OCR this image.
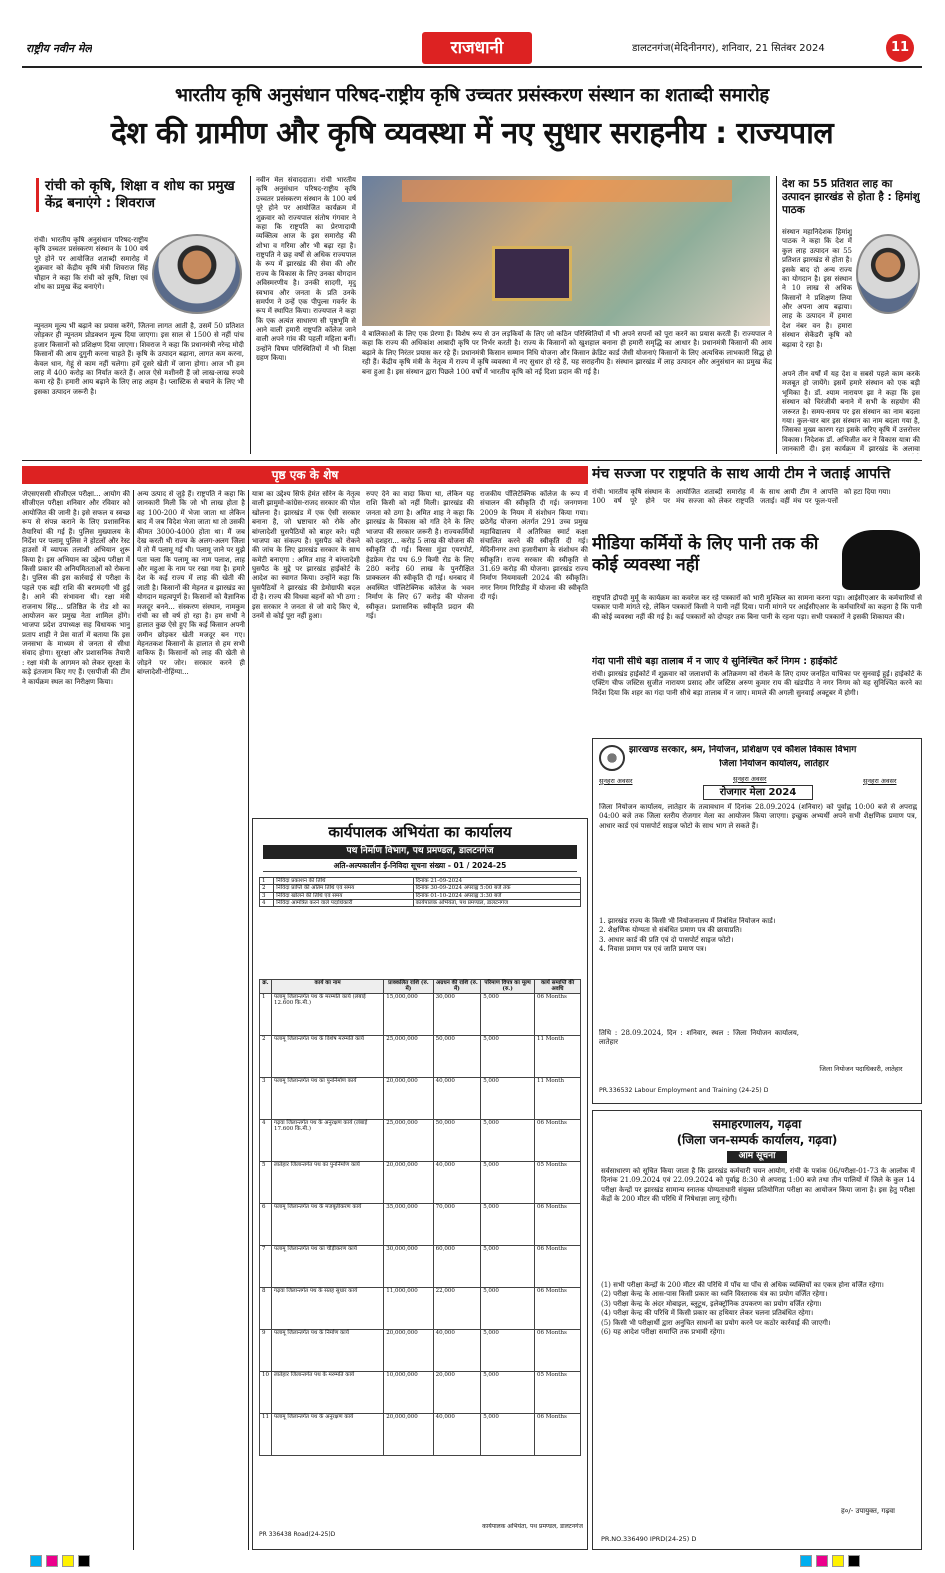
राष्ट्रीय नवीन मेल	राजधानी	डालटनगंज(मेदिनीनगर), शनिवार, 21 सितंबर 2024	11
भारतीय कृषि अनुसंधान परिषद-राष्ट्रीय कृषि उच्चतर प्रसंस्करण संस्थान का शताब्दी समारोह
देश की ग्रामीण और कृषि व्यवस्था में नए सुधार सराहनीय : राज्यपाल
रांची को कृषि, शिक्षा व शोध का प्रमुख केंद्र बनाएंगे : शिवराज
रांची। भारतीय कृषि अनुसंधान परिषद-राष्ट्रीय कृषि उच्चतर प्रसंस्करण संस्थान के 100 वर्ष पूरे होने पर आयोजित शताब्दी समारोह में शुक्रवार को केंद्रीय कृषि मंत्री शिवराज सिंह चौहान ने कहा कि रांची को कृषि, शिक्षा एवं शोध का प्रमुख केंद्र बनाएंगे।
न्यूनतम मूल्य भी बढ़ाने का प्रयास करेंगे, जितना लागत आती है, उसमें 50 प्रतिशत जोड़कर ही न्यूनतम प्रोडक्शन मूल्य दिया जाएगा। इस साल से 1500 से नहीं पांच हजार किसानों को प्रशिक्षण दिया जाएगा। शिवराज ने कहा कि प्रधानमंत्री नरेन्द्र मोदी किसानों की आय दुगुनी करना चाहते हैं। कृषि के उत्पादन बढ़ाना, लागत कम करना, केवल धान, गेहूं से काम नहीं चलेगा। हमें दूसरे खेती में जाना होगा। आज भी हम लाह में 400 करोड़ का निर्यात करते हैं। आज ऐसे मशीनरी हैं जो लाख-लाख रुपये कमा रहे हैं। हमारी आय बढ़ाने के लिए लाह अहम है। प्लास्टिक से बचाने के लिए भी इसका उत्पादन जरूरी है।
नवीन मेल संवाददाता। रांची भारतीय कृषि अनुसंधान परिषद-राष्ट्रीय कृषि उच्चतर प्रसंस्करण संस्थान के 100 वर्ष पूरे होने पर आयोजित कार्यक्रम में शुक्रवार को राज्यपाल संतोष गंगवार ने कहा कि राष्ट्रपति का प्रेरणादायी व्यक्तित्व आज के इस समारोह की शोभा व गरिमा और भी बढ़ा रहा है। राष्ट्रपति ने छह वर्षों से अधिक राज्यपाल के रूप में झारखंड की सेवा की और राज्य के विकास के लिए उनका योगदान अविस्मरणीय है। उनकी सादगी, मृदु स्वभाव और जनता के प्रति उनके समर्पण ने उन्हें एक पीपुल्स गवर्नर के रूप में स्थापित किया। राज्यपाल ने कहा कि एक अत्यंत साधारण सी पृष्ठभूमि से आने वाली हमारी राष्ट्रपति कॉलेज जाने वाली अपने गांव की पहली महिला बनीं। उन्होंने विषम परिस्थितियों में भी शिक्षा ग्रहण किया।
वे बालिकाओं के लिए एक प्रेरणा हैं। विशेष रूप से उन लड़कियों के लिए जो कठिन परिस्थितियों में भी अपने सपनों को पूरा करने का प्रयास करती हैं। राज्यपाल ने कहा कि राज्य की अधिकांश आबादी कृषि पर निर्भर करती है। राज्य के किसानों को खुशहाल बनाना ही हमारी समृद्धि का आधार है। प्रधानमंत्री किसानों की आय बढ़ाने के लिए निरंतर प्रयास कर रहे हैं। प्रधानमंत्री किसान सम्मान निधि योजना और किसान क्रेडिट कार्ड जैसी योजनाएं किसानों के लिए अत्यधिक लाभकारी सिद्ध हो रही हैं। केंद्रीय कृषि मंत्री के नेतृत्व में राज्य में कृषि व्यवस्था में नए सुधार हो रहे हैं, यह सराहनीय है। संस्थान झारखंड में लाह उत्पादन और अनुसंधान का प्रमुख केंद्र बना हुआ है। इस संस्थान द्वारा पिछले 100 वर्षों में भारतीय कृषि को नई दिशा प्रदान की गई है।
देश का 55 प्रतिशत लाह का उत्पादन झारखंड से होता है : हिमांशु पाठक
संस्थान महानिदेशक हिमांशु पाठक ने कहा कि देश में कुल लाह उत्पादन का 55 प्रतिशत झारखंड से होता है। इसके बाद दो अन्य राज्य का योगदान है। इस संस्थान ने 10 लाख से अधिक किसानों ने प्रशिक्षण लिया और अपना आय बढ़ाया। लाह के उत्पादन में हमारा देश नंबर वन है। हमारा संस्थान सेकेंडरी कृषि को बढ़ावा दे रहा है।
अपने तीन वर्षों में यह देश व सबसे पहले काम करके मजबूत हो जायेंगे। इसमें हमारे संस्थान को एक बड़ी भूमिका है। डॉ. श्याम नारायण झा ने कहा कि इस संस्थान को चिरंजीवी बनाने में सभी के सहयोग की जरूरत है। समय-समय पर इस संस्थान का नाम बदला गया। कुल-चार बार इस संस्थान का नाम बदला गया है, जिसका मुख्य कारण रहा इसके जरिए कृषि में उत्तरोत्तर विकास। निदेशक डॉ. अभिजीत कर ने विकास यात्रा की जानकारी दी। इस कार्यक्रम में झारखंड के अलावा
पृष्ठ एक के शेष
जेएसएससी सीजीएल परीक्षा... आयोग की सीजीएल परीक्षा शनिवार और रविवार को आयोजित की जानी है। इसे सफल व स्वच्छ रूप से संपन्न कराने के लिए प्रशासनिक तैयारियां की गई हैं। पुलिस मुख्यालय के निर्देश पर पलामू पुलिस ने होटलों और रेस्ट हाउसों में व्यापक तलाशी अभियान शुरू किया है। इस अभियान का उद्देश्य परीक्षा में किसी प्रकार की अनियमितताओं को रोकना है। पुलिस की इस कार्रवाई से परीक्षा के पहले एक बड़ी राशि की बरामदगी भी हुई है। आने की संभावना थी। रक्षा मंत्री राजनाथ सिंह... प्रतिष्ठित के रोड शो का आयोजन कर प्रमुख नेता शामिल होंगे। भाजपा प्रदेश उपाध्यक्ष सह विधायक भानु प्रताप शाही ने प्रेस वार्ता में बताया कि इस जनसभा के माध्यम से जनता से सीधा संवाद होगा। सुरक्षा और प्रशासनिक तैयारी : रक्षा मंत्री के आगमन को लेकर सुरक्षा के कड़े इंतजाम किए गए हैं। एसपीजी की टीम ने कार्यक्रम स्थल का निरीक्षण किया।
अन्य उत्पाद से जुड़े हैं। राष्ट्रपति ने कहा कि जानकारी मिली कि जो भी लाख होता है वह 100-200 में भेजा जाता था लेकिन बाद में जब विदेश भेजा जाता था तो उसकी कीमत 3000-4000 होता था। मैं जब देख करती थी राज्य के अलग-अलग जिला में तो मैं पलामू गई थी। पलामू जाने पर मुझे पता चला कि पलामू का नाम पलाश, लाह और महुआ के नाम पर रखा गया है। हमारे देश के कई राज्य में लाह की खेती की जाती है। किसानों की मेहनत व झारखंड का योगदान महत्वपूर्ण है। किसानों को वैज्ञानिक मजदूर बनने... संस्करण संस्थान, नामकुम रांची का सौ वर्ष हो रहा है। हम सभी ने हालात कुछ ऐसे हुए कि कई किसान अपनी जमीन छोड़कर खेती मजदूर बन गए। मेहनतकश किसानों के हालात से हम सभी वाकिफ हैं। किसानों को लाह की खेती से जोड़ने पर जोर। सरकार करने ही बांग्लादेशी-रोहिंग्या...
यात्रा का उद्देश्य सिर्फ हेमंत सोरेन के नेतृत्व वाली झामुमो-कांग्रेस-राजद सरकार की पोल खोलना है। झारखंड में एक ऐसी सरकार बनाना है, जो भ्रष्टाचार को रोके और बांग्लादेशी घुसपैठियों को बाहर करे। यही भाजपा का संकल्प है। घुसपैठ को रोकने की जांच के लिए झारखंड सरकार के साथ कमेटी बनाएगा : अमित शाह ने बांग्लादेशी घुसपैठ के मुद्दे पर झारखंड हाईकोर्ट के आदेश का स्वागत किया। उन्होंने कहा कि घुसपैठियों ने झारखंड की डेमोग्राफी बदल दी है। राज्य की विधवा बहनों को भी ठगा : इस सरकार ने जनता से जो वादे किए थे, उनमें से कोई पूरा नहीं हुआ।
रुपए देने का वादा किया था, लेकिन यह राशि किसी को नहीं मिली। झारखंड की जनता को ठगा है। अमित शाह ने कहा कि झारखंड के विकास को गति देने के लिए भाजपा की सरकार जरूरी है। राज्यकर्मियों को दशहरा... करोड़ 5 लाख की योजना की स्वीकृति दी गई। बिरसा मुंडा एयरपोर्ट, हेडफ्रेम रोड पथ 6.9 किमी रोड के लिए 280 करोड़ 60 लाख के पुनरीक्षित प्राक्कलन की स्वीकृति दी गई। धनबाद में अवस्थित पॉलिटेक्निक कॉलेज के भवन निर्माण के लिए 67 करोड़ की योजना स्वीकृत। प्रशासनिक स्वीकृति प्रदान की गई।
राजकीय पॉलिटेक्निक कॉलेज के रूप में संचालन की स्वीकृति दी गई। जनगणना 2009 के नियम में संशोधन किया गया। छठेगेंद्र योजना अंतर्गत 291 उच्च प्रमुख महाविद्यालय में अतिरिक्त स्मार्ट कक्षा संचालित करने की स्वीकृति दी गई। मेदिनीनगर तथा हजारीबाग के संशोधन की स्वीकृति। राज्य सरकार की स्वीकृति से 31.69 करोड़ की योजना। झारखंड राज्य निर्माण नियमावली 2024 की स्वीकृति। नगर निगम गिरिडीह में योजना की स्वीकृति दी गई।
कार्यपालक अभियंता का कार्यालय
पथ निर्माण विभाग, पथ प्रमण्डल, डालटनगंज
अति-अल्पकालीन ई-निविदा सूचना संख्या - 01 / 2024-25
1	निविदा प्रकाशन की तिथि	दिनांक 21-09-2024
2	निविदा प्राप्ति की अंतिम तिथि एवं समय	दिनांक 30-09-2024 अपराह्न 5:00 बजे तक
3	निविदा खोलने की तिथि एवं समय	दिनांक 01-10-2024 अपराह्न 3:30 बजे
4	निविदा आमंत्रित करने वाले पदाधिकारी	कार्यपालक अभियंता, पथ प्रमण्डल, डालटनगंज
क्र.	कार्य का नाम	प्राक्कलित राशि (रु. में)	अग्रधन की राशि (रु. में)	परिमाण विपत्र का मूल्य (रु.)	कार्य समाप्ति की अवधि
1	पलामू जिलान्तर्गत पथ के मरम्मति कार्य (लंबाई 12.600 कि.मी.)	15,000,000	30,000	5,000	06 Months
2	पलामू जिलान्तर्गत पथ के विशेष मरम्मति कार्य	25,000,000	50,000	5,000	11 Month
3	पलामू जिलान्तर्गत पथ का पुनर्निर्माण कार्य	20,000,000	40,000	5,000	11 Month
4	गढ़वा जिलान्तर्गत पथ के अनुरक्षण कार्य (लंबाई 17.600 कि.मी.)	25,000,000	50,000	5,000	06 Months
5	लातेहार जिलान्तर्गत पथ का पुनर्निर्माण कार्य	20,000,000	40,000	5,000	05 Months
6	पलामू जिलान्तर्गत पथ के मजबूतीकरण कार्य	35,000,000	70,000	5,000	06 Months
7	पलामू जिलान्तर्गत पथ का चौड़ीकरण कार्य	30,000,000	60,000	5,000	06 Months
8	गढ़वा जिलान्तर्गत पथ के सतह सुधार कार्य	11,000,000	22,000	5,000	06 Months
9	पलामू जिलान्तर्गत पथ के निर्माण कार्य	20,000,000	40,000	5,000	06 Months
10	लातेहार जिलान्तर्गत पथ के मरम्मति कार्य	10,000,000	20,000	5,000	05 Months
11	पलामू जिलान्तर्गत पथ के अनुरक्षण कार्य	20,000,000	40,000	5,000	06 Months
PR 336438 Road(24-25)D
कार्यपालक अभियंता, पथ प्रमण्डल, डालटनगंज
मंच सज्जा पर राष्ट्रपति के साथ आयी टीम ने जताई आपत्ति
रांची। भारतीय कृषि संस्थान के 100 वर्ष पूरे होने पर आयोजित शताब्दी समारोह में मंच सज्जा को लेकर राष्ट्रपति के साथ आयी टीम ने आपत्ति जताई। वहीं मंच पर फूल-पत्तों को हटा दिया गया।
मीडिया कर्मियों के लिए पानी तक की कोई व्यवस्था नहीं
राष्ट्रपति द्रौपदी मुर्मू के कार्यक्रम का कवरेज कर रहे पत्रकारों को भारी मुश्किल का सामना करना पड़ा। आईसीएआर के कर्मचारियों से पत्रकार पानी मांगते रहे, लेकिन पत्रकारों किसी ने पानी नहीं दिया। पानी मांगने पर आईसीएआर के कर्मचारियों का कहना है कि पानी की कोई व्यवस्था नहीं की गई है। कई पत्रकारों को दोपहर तक बिना पानी के रहना पड़ा। सभी पत्रकारों ने इसकी शिकायत की।
गंदा पानी सीधे बड़ा तालाब में न जाए ये सुनिश्चित करें निगम : हाईकोर्ट
रांची। झारखंड हाईकोर्ट में शुक्रवार को जलाशयों के अतिक्रमण को रोकने के लिए दायर जनहित याचिका पर सुनवाई हुई। हाईकोर्ट के एक्टिंग चीफ जस्टिस सुजीत नारायण प्रसाद और जस्टिस अरुण कुमार राय की खंडपीठ ने नगर निगम को यह सुनिश्चित करने का निर्देश दिया कि शहर का गंदा पानी सीधे बड़ा तालाब में न जाए। मामले की अगली सुनवाई अक्टूबर में होगी।
झारखण्ड सरकार, श्रम, नियोजन, प्रशिक्षण एवं कौशल विकास विभाग
जिला नियोजन कार्यालय, लातेहार
सुनहरा अवसर	सुनहरा अवसर	सुनहरा अवसर
रोजगार मेला 2024
जिला नियोजन कार्यालय, लातेहार के तत्वावधान में दिनांक 28.09.2024 (शनिवार) को पूर्वाह्न 10:00 बजे से अपराह्न 04:00 बजे तक जिला स्तरीय रोजगार मेला का आयोजन किया जाएगा। इच्छुक अभ्यर्थी अपने सभी शैक्षणिक प्रमाण पत्र, आधार कार्ड एवं पासपोर्ट साइज फोटो के साथ भाग ले सकते हैं।
1. झारखंड राज्य के किसी भी नियोजनालय में निबंधित नियोजन कार्ड।
2. शैक्षणिक योग्यता से संबंधित प्रमाण पत्र की छायाप्रति।
3. आधार कार्ड की प्रति एवं दो पासपोर्ट साइज फोटो।
4. निवास प्रमाण पत्र एवं जाति प्रमाण पत्र।
तिथि : 28.09.2024, दिन : शनिवार, स्थल : जिला नियोजन कार्यालय, लातेहार
जिला नियोजन पदाधिकारी, लातेहार
PR.336532 Labour Employment and Training (24-25) D
समाहरणालय, गढ़वा
(जिला जन-सम्पर्क कार्यालय, गढ़वा)
आम सूचना
सर्वसाधारण को सूचित किया जाता है कि झारखंड कर्मचारी चयन आयोग, रांची के पत्रांक 06/परीक्षा-01-73 के आलोक में दिनांक 21.09.2024 एवं 22.09.2024 को पूर्वाह्न 8:30 से अपराह्न 1:00 बजे तथा तीन पालियों में जिले के कुल 14 परीक्षा केन्द्रों पर झारखंड सामान्य स्नातक योग्यताधारी संयुक्त प्रतियोगिता परीक्षा का आयोजन किया जाना है। इस हेतु परीक्षा केंद्रों के 200 मीटर की परिधि में निषेधाज्ञा लागू रहेगी।
(1) सभी परीक्षा केन्द्रों के 200 मीटर की परिधि में पाँच या पाँच से अधिक व्यक्तियों का एकत्र होना वर्जित रहेगा।
(2) परीक्षा केन्द्र के आस-पास किसी प्रकार का ध्वनि विस्तारक यंत्र का प्रयोग वर्जित रहेगा।
(3) परीक्षा केन्द्र के अंदर मोबाइल, ब्लूटूथ, इलेक्ट्रॉनिक उपकरण का प्रयोग वर्जित रहेगा।
(4) परीक्षा केन्द्र की परिधि में किसी प्रकार का हथियार लेकर चलना प्रतिबंधित रहेगा।
(5) किसी भी परीक्षार्थी द्वारा अनुचित साधनों का प्रयोग करने पर कठोर कार्रवाई की जाएगी।
(6) यह आदेश परीक्षा समाप्ति तक प्रभावी रहेगा।
ह०/- उपायुक्त, गढ़वा
PR.NO.336490 IPRD(24-25) D
